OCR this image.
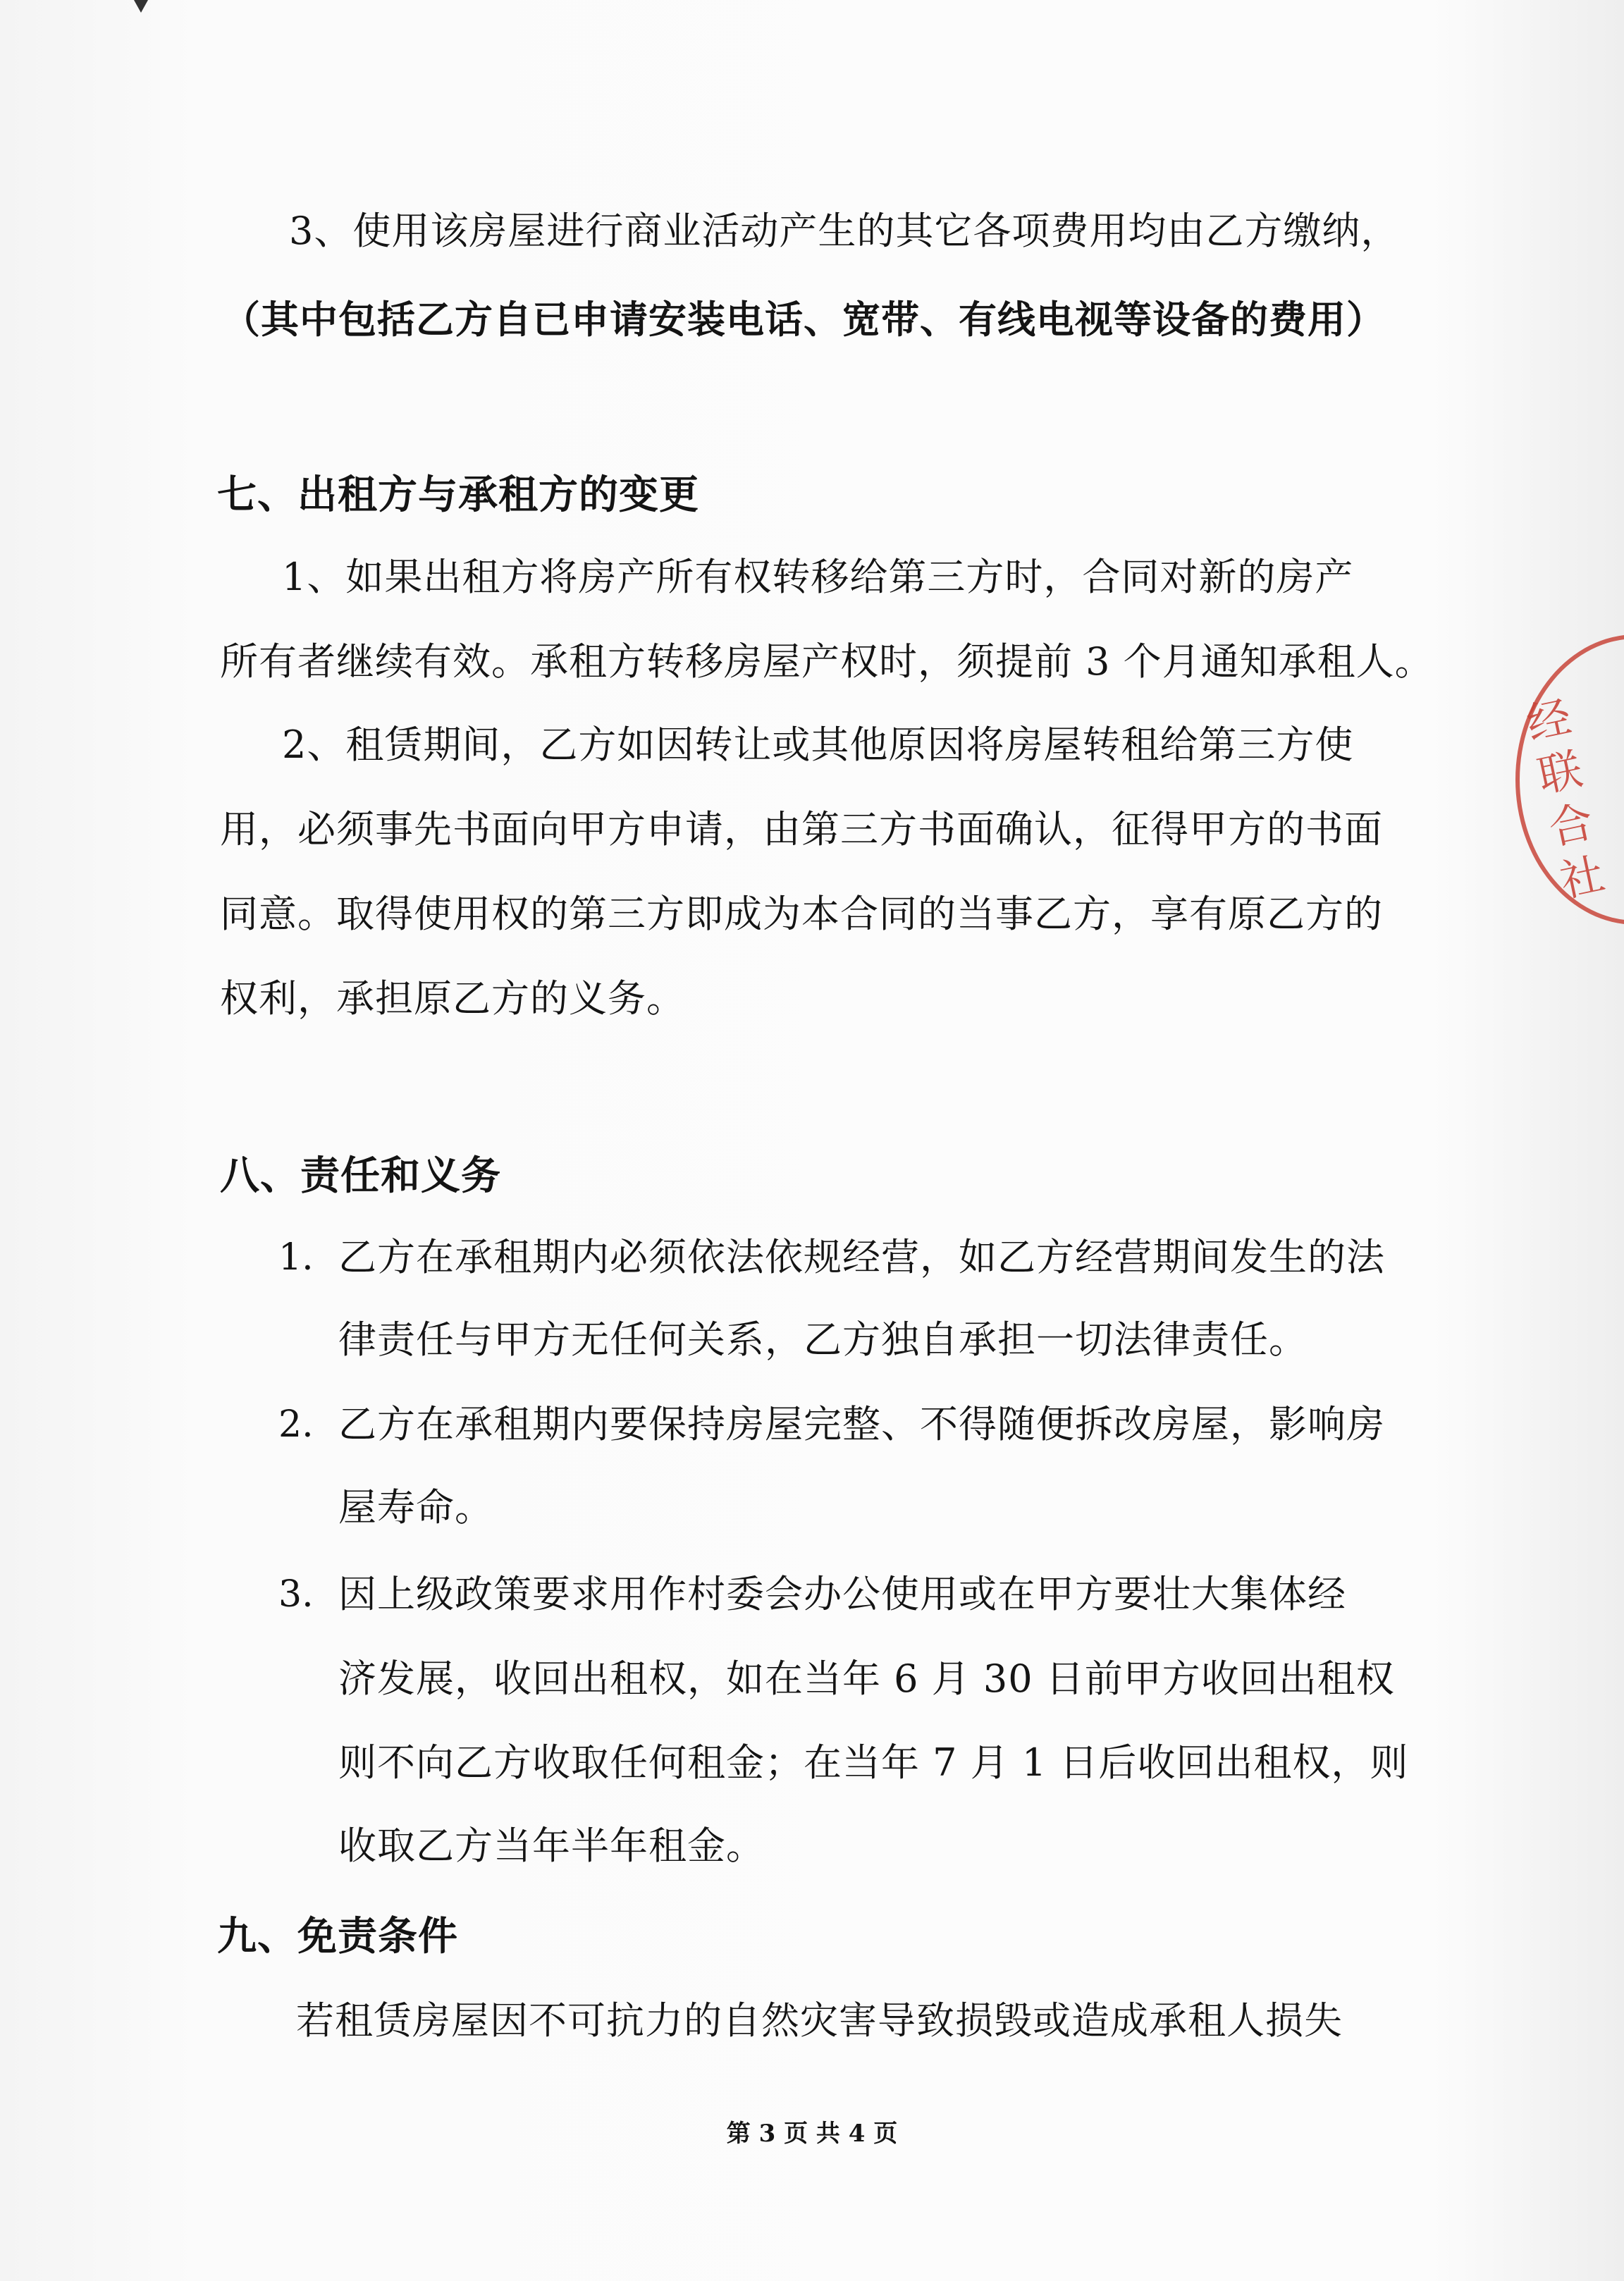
3、使用该房屋进行商业活动产生的其它各项费用均由乙方缴纳，
（其中包括乙方自已申请安装电话、宽带、有线电视等设备的费用）
七、出租方与承租方的变更
1、如果出租方将房产所有权转移给第三方时，合同对新的房产
所有者继续有效。承租方转移房屋产权时，须提前 3 个月通知承租人。
2、租赁期间，乙方如因转让或其他原因将房屋转租给第三方使
用，必须事先书面向甲方申请，由第三方书面确认，征得甲方的书面
同意。取得使用权的第三方即成为本合同的当事乙方，享有原乙方的
权利，承担原乙方的义务。
八、责任和义务
1. 乙方在承租期内必须依法依规经营，如乙方经营期间发生的法
律责任与甲方无任何关系，乙方独自承担一切法律责任。
2. 乙方在承租期内要保持房屋完整、不得随便拆改房屋，影响房
屋寿命。
3. 因上级政策要求用作村委会办公使用或在甲方要壮大集体经
济发展，收回出租权，如在当年 6 月 30 日前甲方收回出租权
则不向乙方收取任何租金；在当年 7 月 1 日后收回出租权，则
收取乙方当年半年租金。
九、免责条件
若租赁房屋因不可抗力的自然灾害导致损毁或造成承租人损失
第 3 页 共 4 页
经联合社
